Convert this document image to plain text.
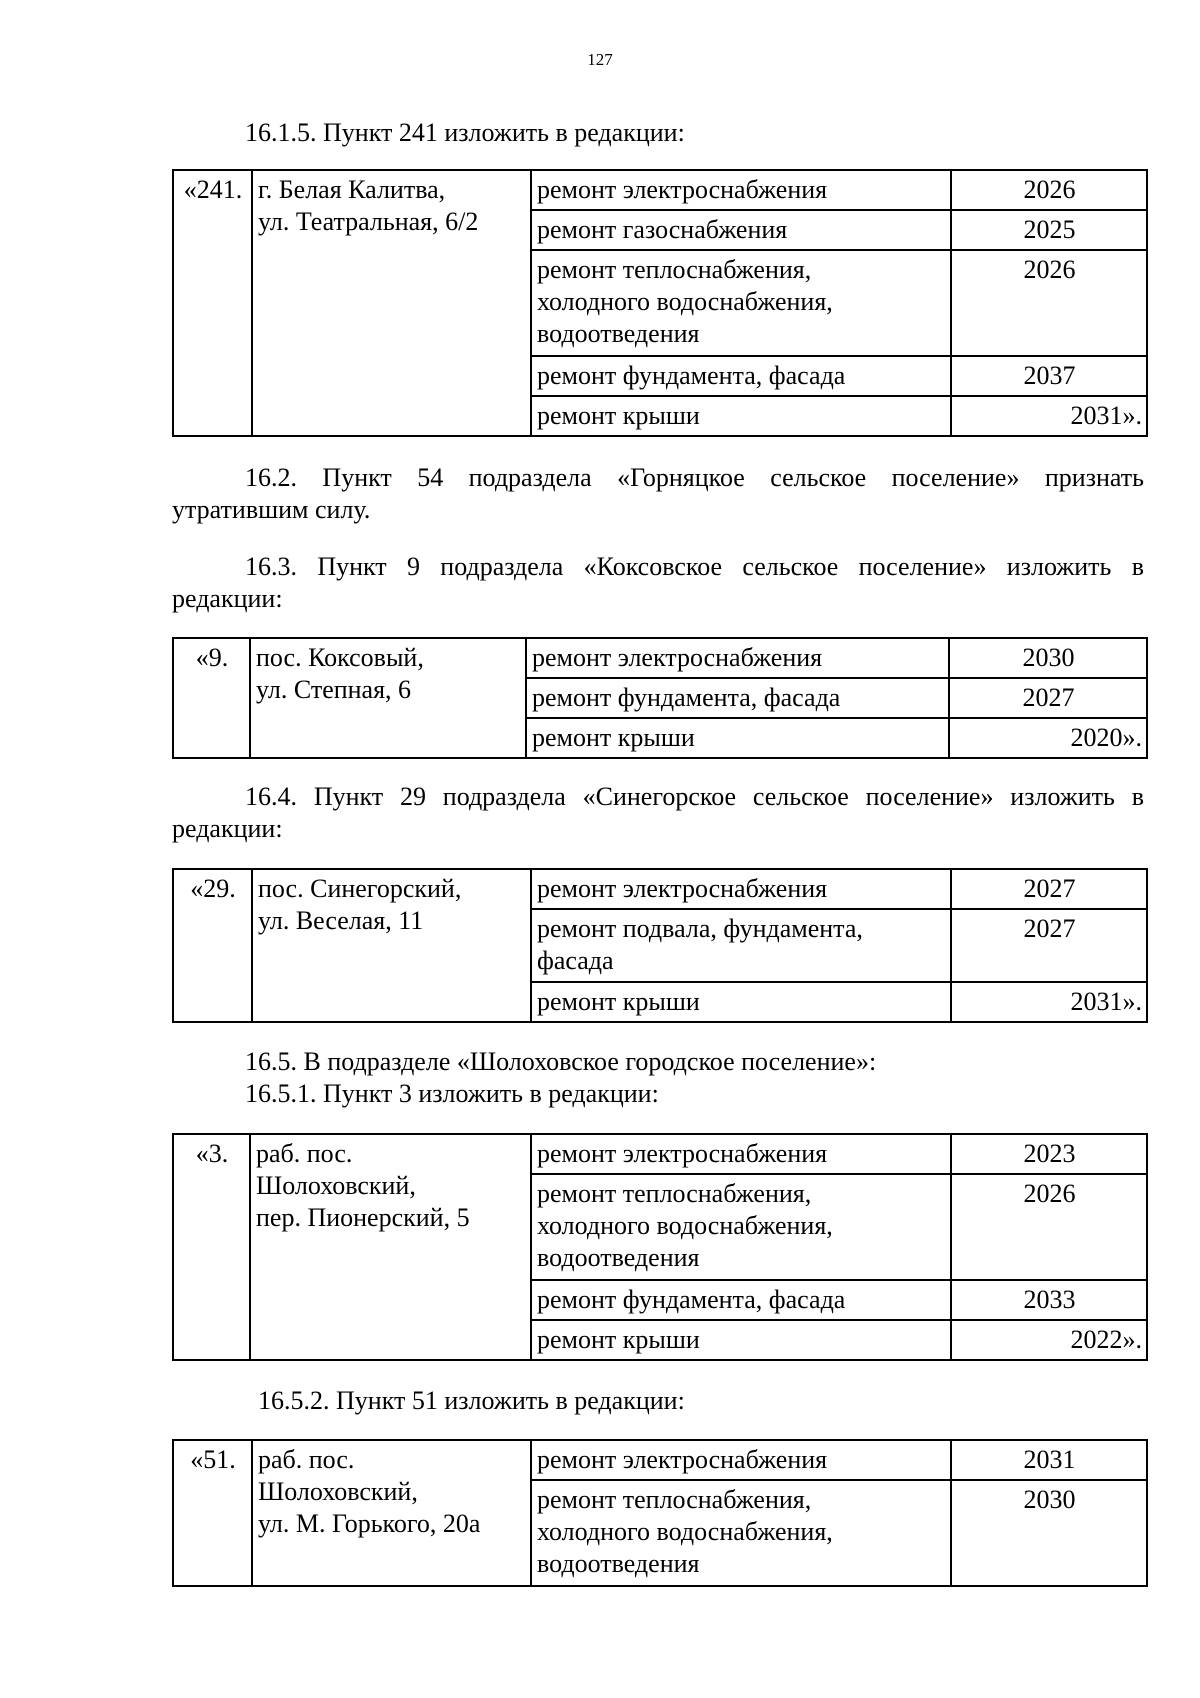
127

16.1.5. Пункт 241 изложить в редакции:

«241.	г. Белая Калитва,
ул. Театральная, 6/2	ремонт электроснабжения	2026
		ремонт газоснабжения	2025

		ремонт теплоснабжения,
холодного водоснабжения,
водоотведения	2026
		ремонт фундамента, фасада	2037
		ремонт крыши	2031».

16.2. Пункт 54 подраздела «Горняцкое сельское поселение» признать утратившим силу.

16.3. Пункт 9 подраздела «Коксовское сельское поселение» изложить в редакции:

«9.	пос. Коксовый,
ул. Степная, 6	ремонт электроснабжения	2030
		ремонт фундамента, фасада	2027
		ремонт крыши	2020».

16.4. Пункт 29 подраздела «Синегорское сельское поселение» изложить в редакции:

«29.	пос. Синегорский,
ул. Веселая, 11	ремонт электроснабжения	2027

		ремонт подвала, фундамента,
фасада	2027
		ремонт крыши	2031».

16.5. В подразделе «Шолоховское городское поселение»:

16.5.1. Пункт 3 изложить в редакции:

«3.	раб. пос.
Шолоховский,
пер. Пионерский, 5	ремонт электроснабжения	2023

		ремонт теплоснабжения,
холодного водоснабжения,
водоотведения	2026
		ремонт фундамента, фасада	2033
		ремонт крыши	2022».

16.5.2. Пункт 51 изложить в редакции:

«51.	раб. пос.
Шолоховский,
ул. М. Горького, 20а	ремонт электроснабжения	2031

		ремонт теплоснабжения,
холодного водоснабжения,
водоотведения	2030
